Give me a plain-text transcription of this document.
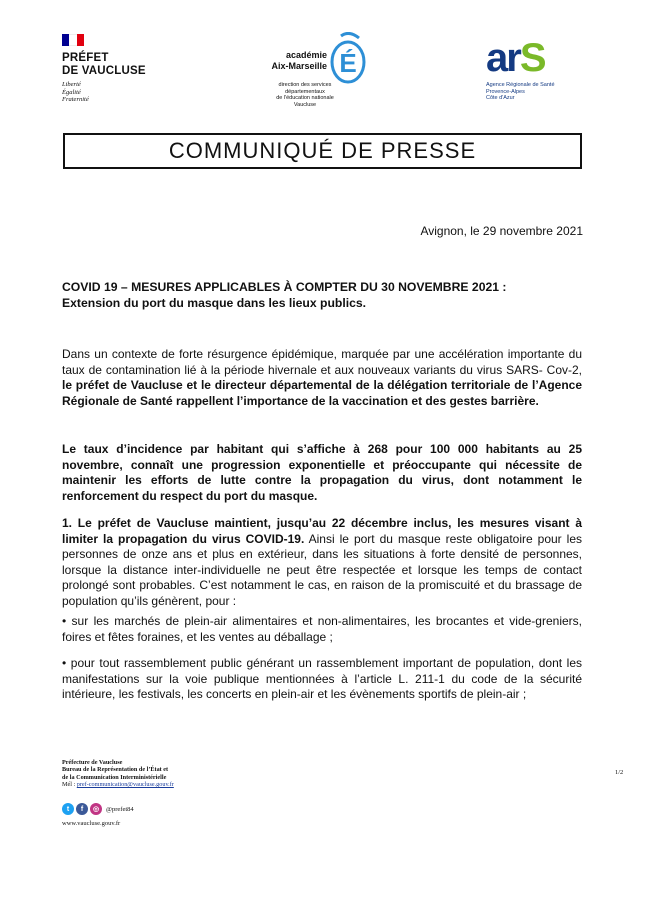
PRÉFET
DE VAUCLUSE
Liberté
Égalité
Fraternité
académie
Aix-Marseille É
direction des services
départementaux
de l'éducation nationale
Vaucluse
arS
Agence Régionale de Santé
Provence-Alpes
Côte d'Azur
COMMUNIQUÉ DE PRESSE
Avignon, le 29 novembre 2021
COVID 19 – MESURES APPLICABLES À COMPTER DU 30 NOVEMBRE 2021 :
Extension du port du masque dans les lieux publics.
Dans un contexte de forte résurgence épidémique, marquée par une accélération importante du taux de contamination lié à la période hivernale et aux nouveaux variants du virus SARS- Cov-2, le préfet de Vaucluse et le directeur départemental de la délégation territoriale de l’Agence Régionale de Santé rappellent l’importance de la vaccination et des gestes barrière.
Le taux d’incidence par habitant qui s’affiche à 268 pour 100 000 habitants au 25 novembre, connaît une progression exponentielle et préoccupante qui nécessite de maintenir les efforts de lutte contre la propagation du virus, dont notamment le renforcement du respect du port du masque.
1. Le préfet de Vaucluse maintient, jusqu’au 22 décembre inclus, les mesures visant à limiter la propagation du virus COVID-19. Ainsi le port du masque reste obligatoire pour les personnes de onze ans et plus en extérieur, dans les situations à forte densité de personnes, lorsque la distance inter-individuelle ne peut être respectée et lorsque les temps de contact prolongé sont probables. C’est notamment le cas, en raison de la promiscuité et du brassage de population qu’ils génèrent, pour :
• sur les marchés de plein-air alimentaires et non-alimentaires, les brocantes et vide-greniers, foires et fêtes foraines, et les ventes au déballage ;
• pour tout rassemblement public générant un rassemblement important de population, dont les manifestations sur la voie publique mentionnées à l’article L. 211-1 du code de la sécurité intérieure, les festivals, les concerts en plein-air et les évènements sportifs de plein-air ;
Préfecture de Vaucluse
Bureau de la Représentation de l’État et
de la Communication Interministérielle
Mél : pref-communication@vaucluse.gouv.fr
t	f	◎	@prefet84
www.vaucluse.gouv.fr
1/2
